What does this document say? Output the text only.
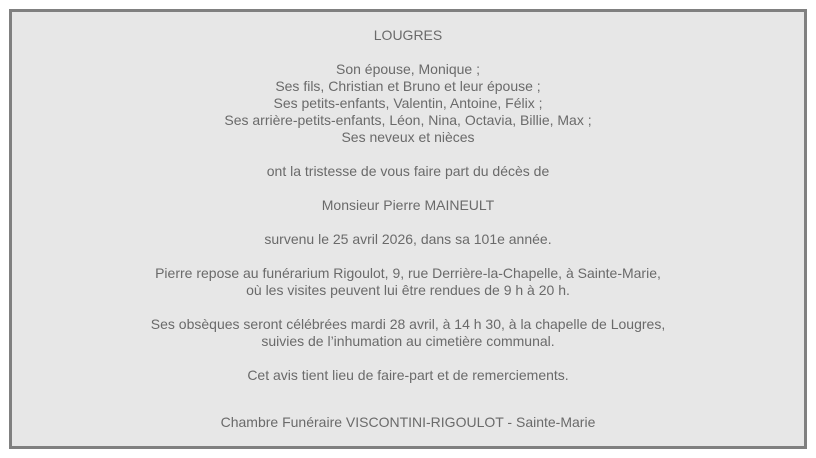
LOUGRES

Son épouse, Monique ;

Ses fils, Christian et Bruno et leur épouse ;

Ses petits-enfants, Valentin, Antoine, Félix ;

Ses arrière-petits-enfants, Léon, Nina, Octavia, Billie, Max ;

Ses neveux et nièces

ont la tristesse de vous faire part du décès de

Monsieur Pierre MAINEULT

survenu le 25 avril 2026, dans sa 101e année.

Pierre repose au funérarium Rigoulot, 9, rue Derrière-la-Chapelle, à Sainte-Marie,

où les visites peuvent lui être rendues de 9 h à 20 h.

Ses obsèques seront célébrées mardi 28 avril, à 14 h 30, à la chapelle de Lougres,

suivies de l’inhumation au cimetière communal.

Cet avis tient lieu de faire-part et de remerciements.

Chambre Funéraire VISCONTINI-RIGOULOT - Sainte-Marie
